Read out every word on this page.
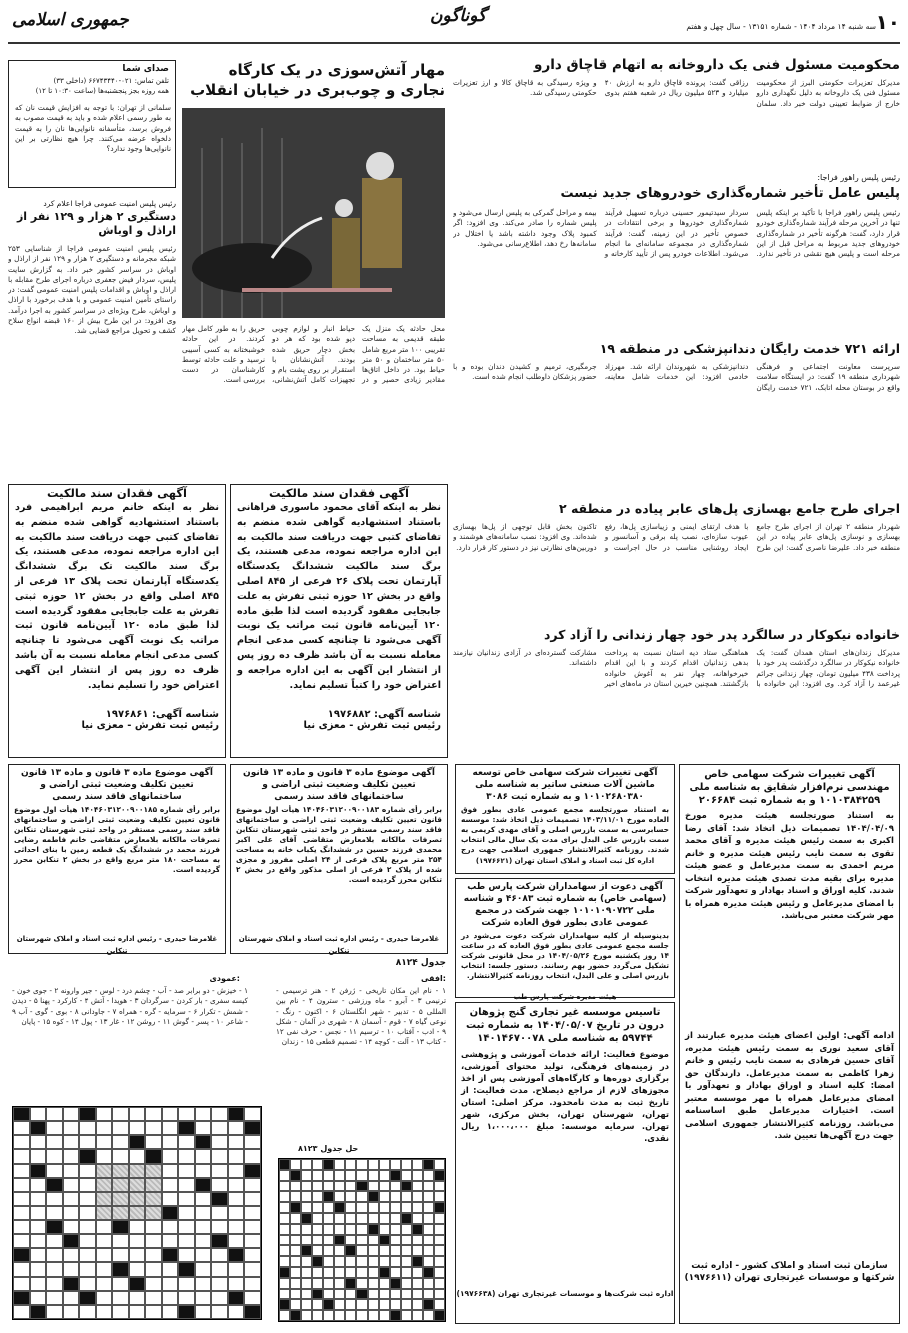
۱۰
سه شنبه ۱۴ مرداد ۱۴۰۴ - شماره ۱۳۱۵۱ - سال چهل و هفتم
گوناگون
جمهوری اسلامی
محکومیت مسئول فنی یک داروخانه به اتهام قاچاق دارو
مدیرکل تعزیرات حکومتی البرز از محکومیت مسئول فنی یک داروخانه به دلیل نگهداری دارو خارج از ضوابط تعیینی دولت خبر داد. سلمان رزاقی گفت: پرونده قاچاق دارو به ارزش ۴۰ میلیارد و ۵۲۳ میلیون ریال در شعبه هفتم بدوی و ویژه رسیدگی به قاچاق کالا و ارز تعزیرات حکومتی رسیدگی شد.
رئیس پلیس راهور فراجا:
پلیس عامل تأخیر شماره‌گذاری خودروهای جدید نیست
رئیس پلیس راهور فراجا با تأکید بر اینکه پلیس تنها در آخرین مرحله فرآیند شماره‌گذاری خودرو قرار دارد، گفت: هرگونه تأخیر در شماره‌گذاری خودروهای جدید مربوط به مراحل قبل از این مرحله است و پلیس هیچ نقشی در تأخیر ندارد. سردار سیدتیمور حسینی درباره تسهیل فرآیند شماره‌گذاری خودروها و برخی انتقادات در خصوص تأخیر در این زمینه، گفت: فرآیند شماره‌گذاری در مجموعه سامانه‌ای ما انجام می‌شود. اطلاعات خودرو پس از تأیید کارخانه و بیمه و مراحل گمرکی به پلیس ارسال می‌شود و پلیس شماره را صادر می‌کند. وی افزود: اگر کمبود پلاک وجود داشته باشد یا اختلال در سامانه‌ها رخ دهد، اطلاع‌رسانی می‌شود.
مهار آتش‌سوزی در یک کارگاه نجاری و چوب‌بری در خیابان انقلاب
محل حادثه یک منزل یک طبقه قدیمی به مساحت تقریبی ۱۰۰ متر مربع شامل ۵۰ متر ساختمان و ۵۰ متر حیاط بود. در داخل اتاق‌ها مقادیر زیادی حصیر و در حیاط انبار و لوازم چوبی دپو شده بود که هر دو بخش دچار حریق شده بودند. آتش‌نشانان با استقرار بر روی پشت بام و تجهیزات کامل آتش‌نشانی، حریق را به طور کامل مهار کردند. در این حادثه خوشبختانه به کسی آسیبی نرسید و علت حادثه توسط کارشناسان در دست بررسی است.
صدای شما
تلفن تماس: ۰۲۱-۶۶۷۴۳۴۴۰ (داخلی ۳۳)
همه روزه بجز پنجشنبه‌ها (ساعت ۱۰:۳۰ تا ۱۲)
سلمانی از تهران: با توجه به افزایش قیمت نان که به طور رسمی اعلام شده و باید به قیمت مصوب به فروش برسد، متأسفانه نانوایی‌ها نان را به قیمت دلخواه عرضه می‌کنند. چرا هیچ نظارتی بر این نانوایی‌ها وجود ندارد؟
رئیس پلیس امنیت عمومی فراجا اعلام کرد
دستگیری ۲ هزار و ۱۲۹ نفر از اراذل و اوباش
رئیس پلیس امنیت عمومی فراجا از شناسایی ۲۵۳ شبکه مجرمانه و دستگیری ۲ هزار و ۱۲۹ نفر از اراذل و اوباش در سراسر کشور خبر داد. به گزارش سایت پلیس، سردار فیض جعفری درباره اجرای طرح مقابله با اراذل و اوباش و اقدامات پلیس امنیت عمومی گفت: در راستای تأمین امنیت عمومی و با هدف برخورد با اراذل و اوباش، طرح ویژه‌ای در سراسر کشور به اجرا درآمد. وی افزود: در این طرح بیش از ۱۶۰ قبضه انواع سلاح کشف و تحویل مراجع قضایی شد.
ارائه ۷۲۱ خدمت رایگان دندانپزشکی در منطقه ۱۹
سرپرست معاونت اجتماعی و فرهنگی شهرداری منطقه ۱۹ گفت: در ایستگاه سلامت واقع در بوستان محله اتابک، ۷۲۱ خدمت رایگان دندانپزشکی به شهروندان ارائه شد. مهرزاد خادمی افزود: این خدمات شامل معاینه، جرمگیری، ترمیم و کشیدن دندان بوده و با حضور پزشکان داوطلب انجام شده است.
اجرای طرح جامع بهسازی پل‌های عابر پیاده در منطقه ۲
شهردار منطقه ۲ تهران از اجرای طرح جامع بهسازی و نوسازی پل‌های عابر پیاده در این منطقه خبر داد. علیرضا ناصری گفت: این طرح با هدف ارتقای ایمنی و زیباسازی پل‌ها، رفع عیوب سازه‌ای، نصب پله برقی و آسانسور و ایجاد روشنایی مناسب در حال اجراست و تاکنون بخش قابل توجهی از پل‌ها بهسازی شده‌اند. وی افزود: نصب سامانه‌های هوشمند و دوربین‌های نظارتی نیز در دستور کار قرار دارد.
خانواده نیکوکار در سالگرد پدر خود چهار زندانی را آزاد کرد
مدیرکل زندان‌های استان همدان گفت: یک خانواده نیکوکار در سالگرد درگذشت پدر خود با پرداخت ۴۳۸ میلیون تومان، چهار زندانی جرائم غیرعمد را آزاد کرد. وی افزود: این خانواده با هماهنگی ستاد دیه استان نسبت به پرداخت بدهی زندانیان اقدام کردند و با این اقدام خیرخواهانه، چهار نفر به آغوش خانواده بازگشتند. همچنین خیرین استان در ماه‌های اخیر مشارکت گسترده‌ای در آزادی زندانیان نیازمند داشته‌اند.
آگهی فقدان سند مالکیت
نظر به اینکه آقای محمود ماسوری فراهانی باستناد استشهادیه گواهی شده منضم به تقاضای کتبی جهت دریافت سند مالکیت به این اداره مراجعه نموده، مدعی هستند، یک برگ سند مالکیت ششدانگ یکدستگاه آپارتمان تحت پلاک ۲۶ فرعی از ۸۴۵ اصلی واقع در بخش ۱۲ حوزه ثبتی تفرش به علت جابجایی مفقود گردیده است لذا طبق ماده ۱۲۰ آیین‌نامه قانون ثبت مراتب یک نوبت آگهی می‌شود تا چنانچه کسی مدعی انجام معامله نسبت به آن باشد ظرف ده روز پس از انتشار این آگهی به این اداره مراجعه و اعتراض خود را کتباً تسلیم نماید.
شناسه آگهی: ۱۹۷۶۸۸۲
رئیس ثبت تفرش - معزی نیا
آگهی فقدان سند مالکیت
نظر به اینکه خانم مریم ابراهیمی فرد باستناد استشهادیه گواهی شده منضم به تقاضای کتبی جهت دریافت سند مالکیت به این اداره مراجعه نموده، مدعی هستند، یک برگ سند مالکیت تک برگ ششدانگ یکدستگاه آپارتمان تحت پلاک ۱۳ فرعی از ۸۴۵ اصلی واقع در بخش ۱۲ حوزه ثبتی تفرش به علت جابجایی مفقود گردیده است لذا طبق ماده ۱۲۰ آیین‌نامه قانون ثبت مراتب یک نوبت آگهی می‌شود تا چنانچه کسی مدعی انجام معامله نسبت به آن باشد ظرف ده روز پس از انتشار این آگهی اعتراض خود را تسلیم نماید.
شناسه آگهی: ۱۹۷۶۸۶۱
رئیس ثبت تفرش - معزی نیا
آگهی موضوع ماده ۳ قانون و ماده ۱۳ قانون تعیین تکلیف وضعیت ثبتی اراضی و ساختمانهای فاقد سند رسمی
برابر رأی شماره ۱۴۰۴۶۰۳۱۲۰۰۹۰۰۱۸۳ هیأت اول موضوع قانون تعیین تکلیف وضعیت ثبتی اراضی و ساختمانهای فاقد سند رسمی مستقر در واحد ثبتی شهرستان تنکابن تصرفات مالکانه بلامعارض متقاضی آقای علی اکبر محمدی فرزند حسین در ششدانگ یکباب خانه به مساحت ۲۵۴ متر مربع پلاک فرعی از ۲۴ اصلی مفروز و مجزی شده از پلاک ۲ فرعی از اصلی مذکور واقع در بخش ۲ تنکابن محرز گردیده است.
غلامرضا حیدری - رئیس اداره ثبت اسناد و املاک شهرستان تنکابن
آگهی موضوع ماده ۳ قانون و ماده ۱۳ قانون تعیین تکلیف وضعیت ثبتی اراضی و ساختمانهای فاقد سند رسمی
برابر رأی شماره ۱۴۰۴۶۰۳۱۲۰۰۹۰۰۱۸۵ هیأت اول موضوع قانون تعیین تکلیف وضعیت ثبتی اراضی و ساختمانهای فاقد سند رسمی مستقر در واحد ثبتی شهرستان تنکابن تصرفات مالکانه بلامعارض متقاضی خانم فاطمه رضایی فرزند محمد در ششدانگ یک قطعه زمین با بنای احداثی به مساحت ۱۸۰ متر مربع واقع در بخش ۲ تنکابن محرز گردیده است.
غلامرضا حیدری - رئیس اداره ثبت اسناد و املاک شهرستان تنکابن
آگهی تغییرات شرکت سهامی خاص مهندسی نرم‌افزار شقایق به شناسه ملی ۱۰۱۰۳۸۴۲۵۹ و به شماره ثبت ۲۰۶۶۸۴
به استناد صورتجلسه هیئت مدیره مورخ ۱۴۰۴/۰۴/۰۹ تصمیمات ذیل اتخاذ شد: آقای رضا اکبری به سمت رئیس هیئت مدیره و آقای محمد تقوی به سمت نایب رئیس هیئت مدیره و خانم مریم احمدی به سمت مدیرعامل و عضو هیئت مدیره برای بقیه مدت تصدی هیئت مدیره انتخاب شدند. کلیه اوراق و اسناد بهادار و تعهدآور شرکت با امضای مدیرعامل و رئیس هیئت مدیره همراه با مهر شرکت معتبر می‌باشد.
ادامه آگهی: اولین اعضای هیئت مدیره عبارتند از آقای سعید نوری به سمت رئیس هیئت مدیره، آقای حسین فرهادی به سمت نایب رئیس و خانم زهرا کاظمی به سمت مدیرعامل. دارندگان حق امضا: کلیه اسناد و اوراق بهادار و تعهدآور با امضای مدیرعامل همراه با مهر موسسه معتبر است. اختیارات مدیرعامل طبق اساسنامه می‌باشد. روزنامه کثیرالانتشار جمهوری اسلامی جهت درج آگهی‌ها تعیین شد.
سازمان ثبت اسناد و املاک کشور - اداره ثبت شرکتها و موسسات غیرتجاری تهران (۱۹۷۶۶۱۱)
آگهی تغییرات شرکت سهامی خاص توسعه ماشین آلات صنعتی ساتیر به شناسه ملی ۱۰۱۰۲۶۸۰۳۸۰ و به شماره ثبت ۳۰۸۶
به استناد صورتجلسه مجمع عمومی عادی بطور فوق العاده مورخ ۱۴۰۳/۱۱/۰۱ تصمیمات ذیل اتخاذ شد: موسسه حسابرسی به سمت بازرس اصلی و آقای مهدی کریمی به سمت بازرس علی البدل برای مدت یک سال مالی انتخاب شدند. روزنامه کثیرالانتشار جمهوری اسلامی جهت درج
اداره کل ثبت اسناد و املاک استان تهران (۱۹۷۶۶۲۱)
آگهی دعوت از سهامداران شرکت پارس طب (سهامی خاص) به شماره ثبت ۴۶۰۸۳ و شناسه ملی ۱۰۱۰۱۰۹۰۷۲۲ جهت شرکت در مجمع عمومی عادی بطور فوق العاده شرکت
بدینوسیله از کلیه سهامداران شرکت دعوت می‌شود در جلسه مجمع عمومی عادی بطور فوق العاده که در ساعت ۱۴ روز یکشنبه مورخ ۱۴۰۴/۰۵/۲۶ در محل قانونی شرکت تشکیل می‌گردد حضور بهم رسانند. دستور جلسه: انتخاب بازرس اصلی و علی البدل، انتخاب روزنامه کثیرالانتشار.
هیئت مدیره شرکت پارس طب
تاسیس موسسه غیر تجاری گنج پژوهان درون در تاریخ ۱۴۰۴/۰۵/۰۷ به شماره ثبت ۵۹۷۴۴ به شناسه ملی ۱۴۰۱۴۶۷۰۰۷۸
موضوع فعالیت: ارائه خدمات آموزشی و پژوهشی در زمینه‌های فرهنگی، تولید محتوای آموزشی، برگزاری دوره‌ها و کارگاه‌های آموزشی پس از اخذ مجوزهای لازم از مراجع ذیصلاح. مدت فعالیت: از تاریخ ثبت به مدت نامحدود. مرکز اصلی: استان تهران، شهرستان تهران، بخش مرکزی، شهر تهران. سرمایه موسسه: مبلغ ۱،۰۰۰،۰۰۰ ریال نقدی.
اداره ثبت شرکت‌ها و موسسات غیرتجاری تهران (۱۹۷۶۶۳۸)
جدول ۸۱۲۴
افقی:
۱ - نام این مکان تاریخی - ژرفن ۲ - هنر ترسیمی - ترنیمی ۳ - آبرو - ماه ورزشی - سترون ۴ - نام بین المللی ۵ - تدبیر - شهر انگلستان ۶ - اکنون - رنگ - نوعی گیاه ۷ - قوم - آسمان ۸ - شهری در آلمان - شکل ۹ - ادب - آفتاب ۱۰ - ترسیم ۱۱ - نجس - حرف نفی ۱۲ - کتاب ۱۳ - آلت - کوچه ۱۴ - تصمیم قطعی ۱۵ - زندان
عمودی:
۱ - خیزش - دو برابر صد - آب - چشم درد - لوس - جیر وارونه ۲ - جوی خون - کیسه سفری - بار کردن - سرگردان ۳ - هویدا - آتش ۴ - کارکرد - پهنا ۵ - دیدن - شمش - تکرار ۶ - سرمایه - گره - همراه ۷ - جاودانی ۸ - بوی - گوی - آب ۹ - شاعر ۱۰ - پسر - گوش ۱۱ - روشن ۱۲ - غار ۱۳ - پول ۱۴ - کوه ۱۵ - پایان
حل جدول ۸۱۲۳
